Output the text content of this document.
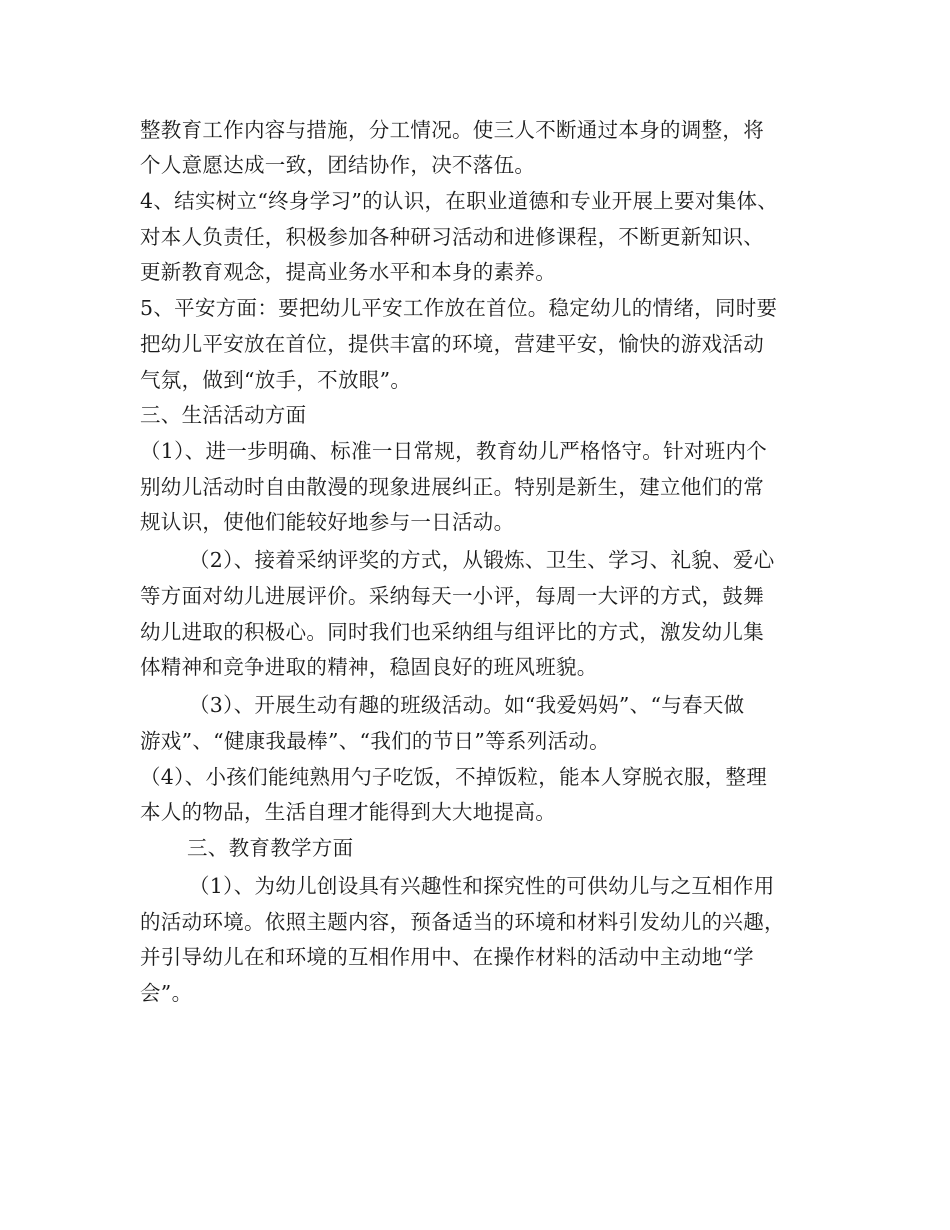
整教育工作内容与措施，分工情况。使三人不断通过本身的调整，将
个人意愿达成一致，团结协作，决不落伍。
4、结实树立“终身学习”的认识，在职业道德和专业开展上要对集体、
对本人负责任，积极参加各种研习活动和进修课程，不断更新知识、
更新教育观念，提高业务水平和本身的素养。
5、平安方面：要把幼儿平安工作放在首位。稳定幼儿的情绪，同时要
把幼儿平安放在首位，提供丰富的环境，营建平安，愉快的游戏活动
气氛，做到“放手，不放眼”。
三、生活活动方面
（1）、进一步明确、标准一日常规，教育幼儿严格恪守。针对班内个
别幼儿活动时自由散漫的现象进展纠正。特别是新生，建立他们的常
规认识，使他们能较好地参与一日活动。
（2）、接着采纳评奖的方式，从锻炼、卫生、学习、礼貌、爱心
等方面对幼儿进展评价。采纳每天一小评，每周一大评的方式，鼓舞
幼儿进取的积极心。同时我们也采纳组与组评比的方式，激发幼儿集
体精神和竞争进取的精神，稳固良好的班风班貌。
（3）、开展生动有趣的班级活动。如“我爱妈妈”、“与春天做
游戏”、“健康我最棒”、“我们的节日”等系列活动。
（4）、小孩们能纯熟用勺子吃饭，不掉饭粒，能本人穿脱衣服，整理
本人的物品，生活自理才能得到大大地提高。
三、教育教学方面
（1）、为幼儿创设具有兴趣性和探究性的可供幼儿与之互相作用
的活动环境。依照主题内容，预备适当的环境和材料引发幼儿的兴趣，
并引导幼儿在和环境的互相作用中、在操作材料的活动中主动地“学
会”。
